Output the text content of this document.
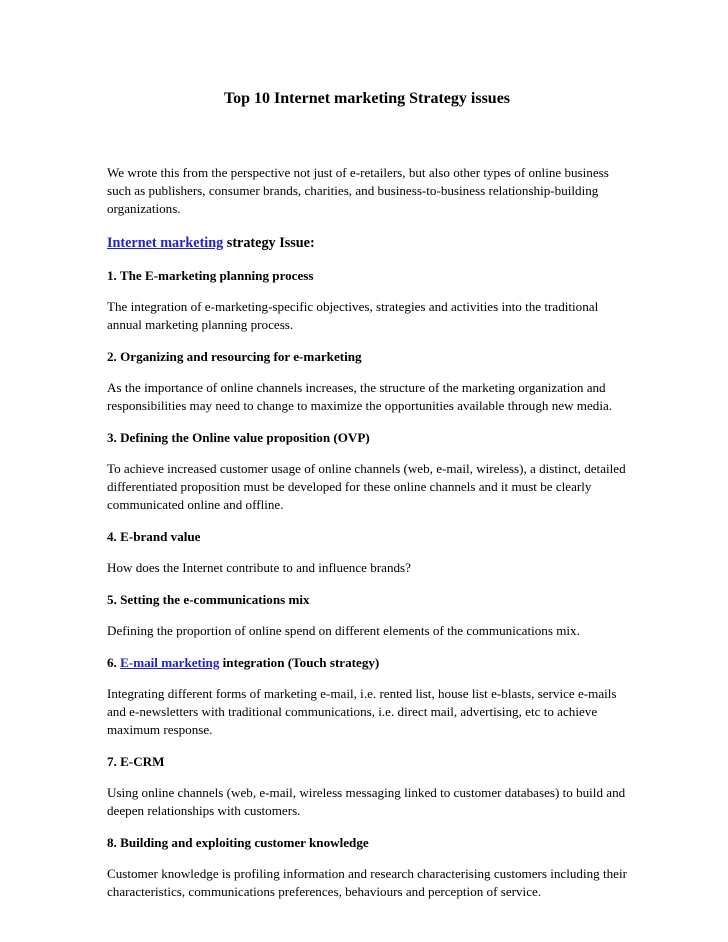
Top 10 Internet marketing Strategy issues

We wrote this from the perspective not just of e-retailers, but also other types of online business such as publishers, consumer brands, charities, and business-to-business relationship-building organizations.

Internet marketing strategy Issue:
1. The E-marketing planning process

The integration of e-marketing-specific objectives, strategies and activities into the traditional annual marketing planning process.

2. Organizing and resourcing for e-marketing

As the importance of online channels increases, the structure of the marketing organization and responsibilities may need to change to maximize the opportunities available through new media.

3. Defining the Online value proposition (OVP)

To achieve increased customer usage of online channels (web, e-mail, wireless), a distinct, detailed differentiated proposition must be developed for these online channels and it must be clearly communicated online and offline.

4. E-brand value

How does the Internet contribute to and influence brands?

5. Setting the e-communications mix

Defining the proportion of online spend on different elements of the communications mix.

6. E-mail marketing integration (Touch strategy)

Integrating different forms of marketing e-mail, i.e. rented list, house list e-blasts, service e-mails and e-newsletters with traditional communications, i.e. direct mail, advertising, etc to achieve maximum response.

7. E-CRM

Using online channels (web, e-mail, wireless messaging linked to customer databases) to build and deepen relationships with customers.

8. Building and exploiting customer knowledge

Customer knowledge is profiling information and research characterising customers including their characteristics, communications preferences, behaviours and perception of service.
